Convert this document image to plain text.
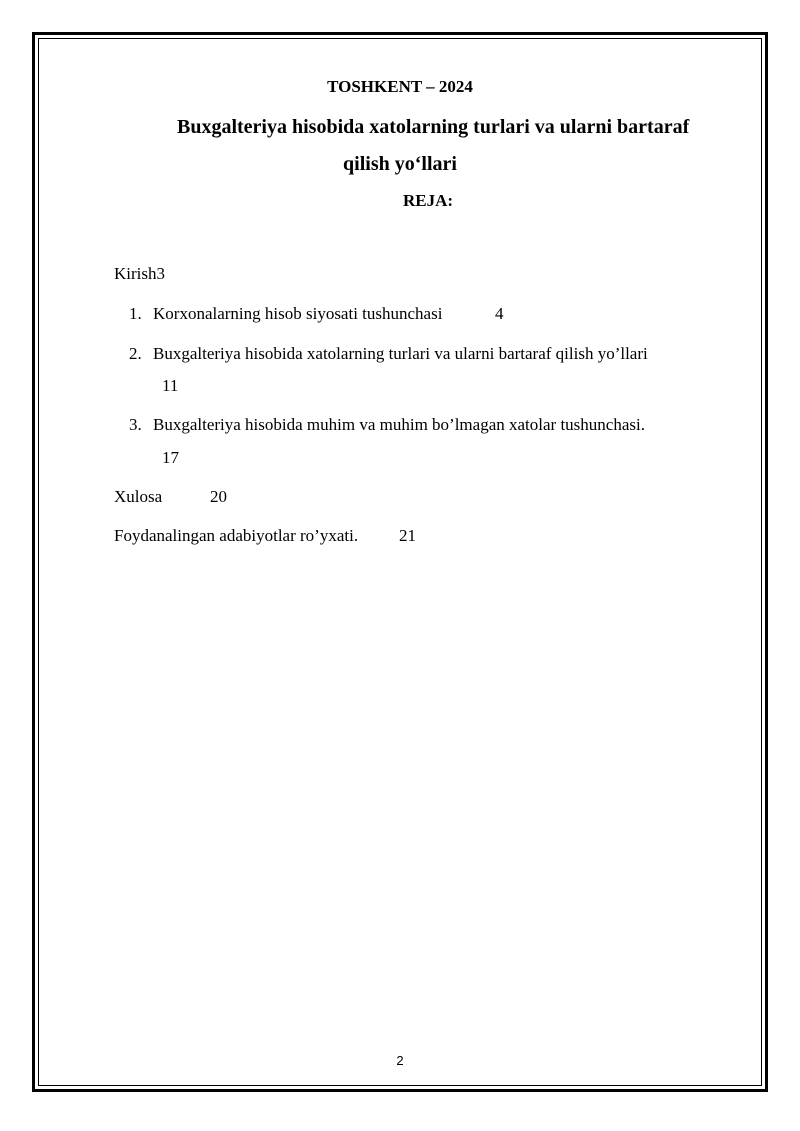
TOSHKENT – 2024
Buxgalteriya hisobida xatolarning turlari va ularni bartaraf
qilish yo‘llari
REJA:
Kirish3
1. Korxonalarning hisob siyosati tushunchasi	4
2. Buxgalteriya hisobida xatolarning turlari va ularni bartaraf qilish yo’llari
11
3. Buxgalteriya hisobida muhim va muhim bo’lmagan xatolar tushunchasi.
17
Xulosa	20
Foydanalingan adabiyotlar ro’yxati. 21
2
